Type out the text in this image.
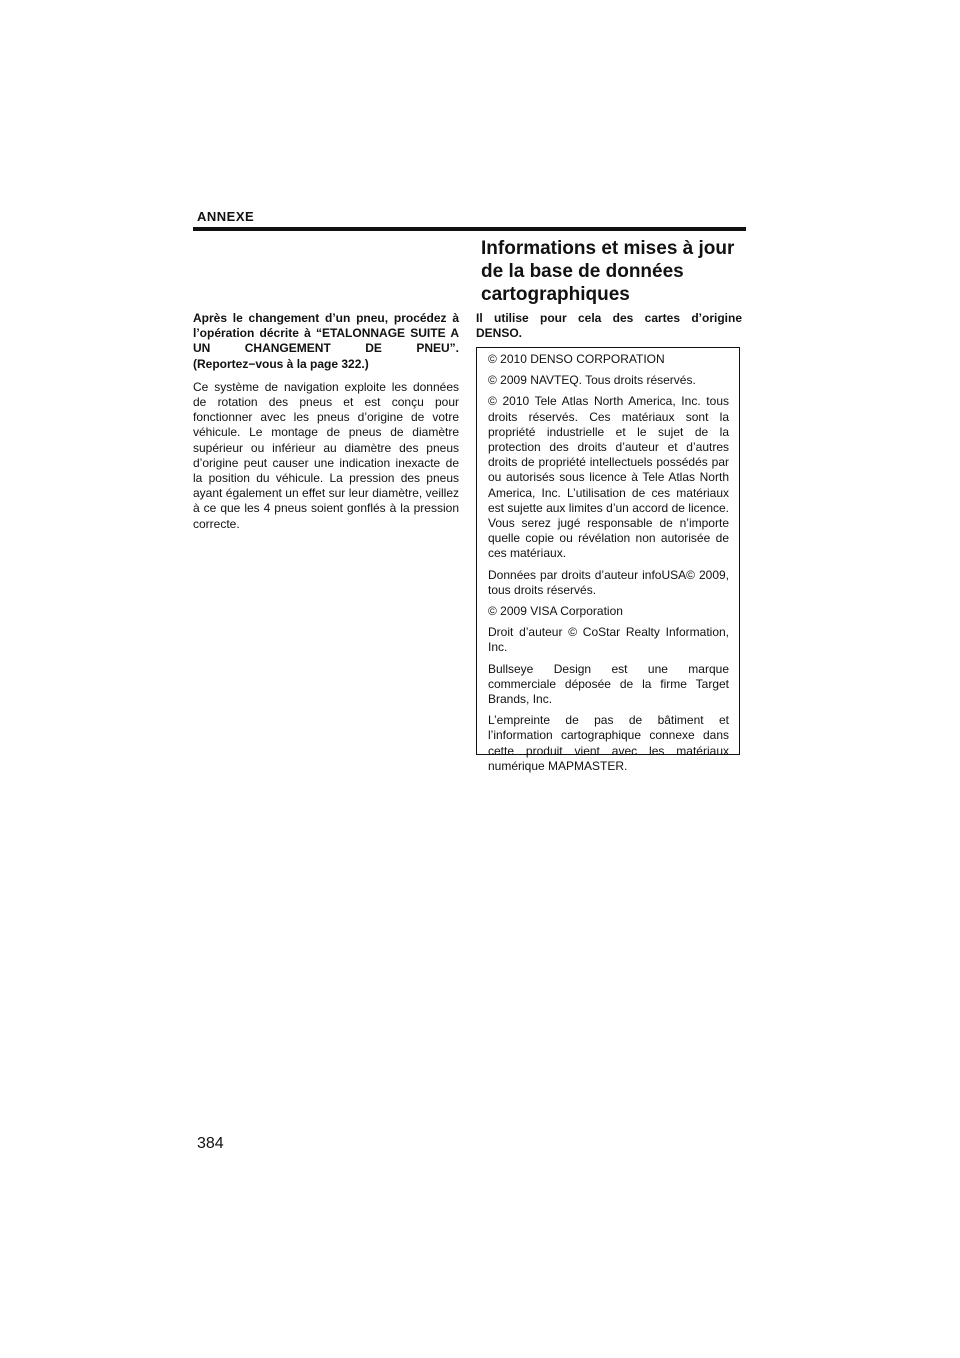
ANNEXE
Informations et mises à jour de la base de données cartographiques

Après le changement d’un pneu, procédez à l’opération décrite à “ETALONNAGE SUITE A UN CHANGEMENT DE PNEU”. (Reportez−vous à la page 322.)

Ce système de navigation exploite les données de rotation des pneus et est conçu pour fonctionner avec les pneus d’origine de votre véhicule. Le montage de pneus de diamètre supérieur ou inférieur au diamètre des pneus d’origine peut causer une indication inexacte de la position du véhicule. La pression des pneus ayant également un effet sur leur diamètre, veillez à ce que les 4 pneus soient gonflés à la pression correcte.

Il utilise pour cela des cartes d’origine DENSO.

© 2010 DENSO CORPORATION

© 2009 NAVTEQ. Tous droits réservés.

© 2010 Tele Atlas North America, Inc. tous droits réservés. Ces matériaux sont la propriété industrielle et le sujet de la protection des droits d’auteur et d’autres droits de propriété intellectuels possédés par ou autorisés sous licence à Tele Atlas North America, Inc. L’utilisation de ces matériaux est sujette aux limites d’un accord de licence. Vous serez jugé responsable de n’importe quelle copie ou révélation non autorisée de ces matériaux.

Données par droits d’auteur infoUSA© 2009, tous droits réservés.

© 2009 VISA Corporation

Droit d’auteur © CoStar Realty Information, Inc.

Bullseye Design est une marque commerciale déposée de la firme Target Brands, Inc.

L’empreinte de pas de bâtiment et l’information cartographique connexe dans cette produit vient avec les matériaux numérique MAPMASTER.

384
